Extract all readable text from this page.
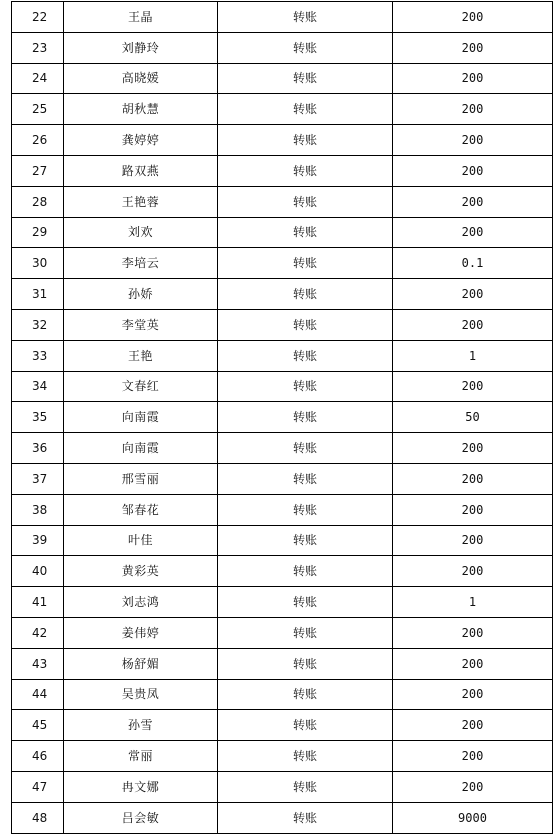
22	王晶	转账	200
23	刘静玲	转账	200
24	高晓媛	转账	200
25	胡秋慧	转账	200
26	龚婷婷	转账	200
27	路双燕	转账	200
28	王艳蓉	转账	200
29	刘欢	转账	200
30	李培云	转账	0.1
31	孙娇	转账	200
32	李堂英	转账	200
33	王艳	转账	1
34	文春红	转账	200
35	向南霞	转账	50
36	向南霞	转账	200
37	邢雪丽	转账	200
38	邹春花	转账	200
39	叶佳	转账	200
40	黄彩英	转账	200
41	刘志鸿	转账	1
42	姜伟婷	转账	200
43	杨舒媚	转账	200
44	吴贵凤	转账	200
45	孙雪	转账	200
46	常丽	转账	200
47	冉文娜	转账	200
48	吕会敏	转账	9000
